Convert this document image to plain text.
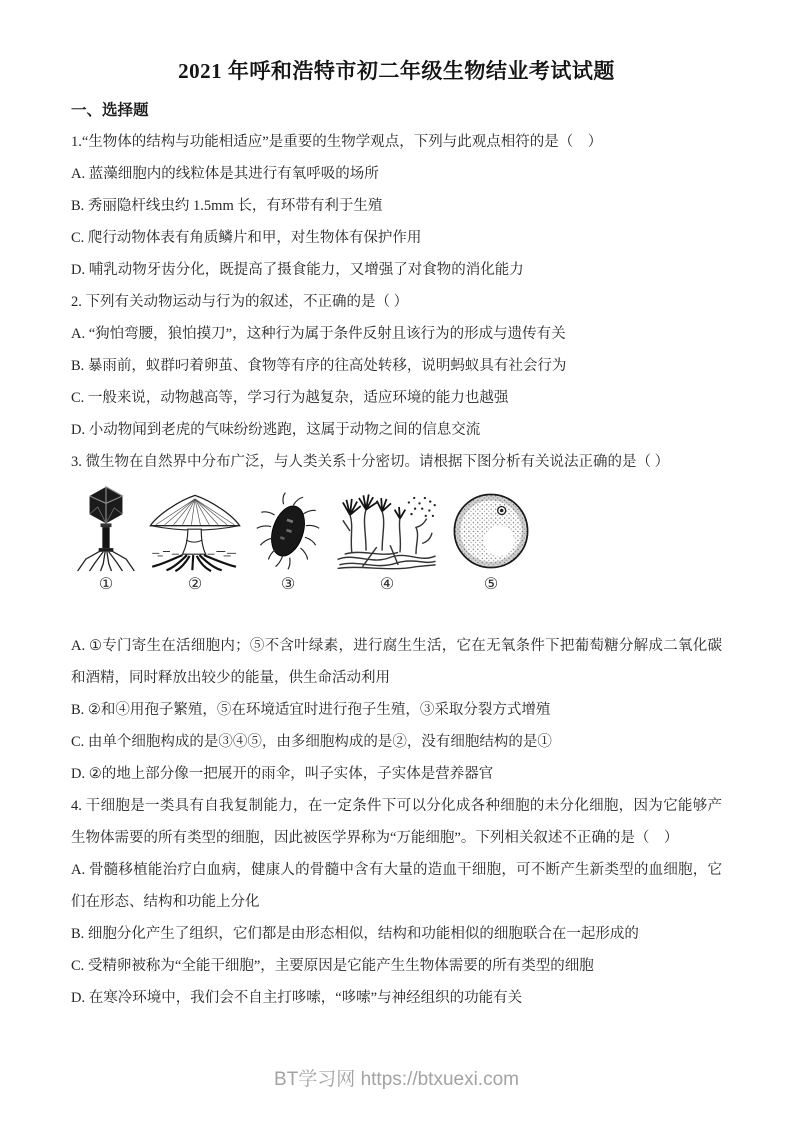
2021 年呼和浩特市初二年级生物结业考试试题
一、选择题

1.“生物体的结构与功能相适应”是重要的生物学观点，下列与此观点相符的是（　）

A. 蓝藻细胞内的线粒体是其进行有氧呼吸的场所

B. 秀丽隐杆线虫约 1.5mm 长，有环带有利于生殖

C. 爬行动物体表有角质鳞片和甲，对生物体有保护作用

D. 哺乳动物牙齿分化，既提高了摄食能力，又增强了对食物的消化能力

2. 下列有关动物运动与行为的叙述，不正确的是（ ）

A. “狗怕弯腰，狼怕摸刀”，这种行为属于条件反射且该行为的形成与遗传有关

B. 暴雨前，蚁群叼着卵茧、食物等有序的往高处转移，说明蚂蚁具有社会行为

C. 一般来说，动物越高等，学习行为越复杂，适应环境的能力也越强

D. 小动物闻到老虎的气味纷纷逃跑，这属于动物之间的信息交流

3. 微生物在自然界中分布广泛，与人类关系十分密切。请根据下图分析有关说法正确的是（ ）

①	②	③	④	⑤

A. ①专门寄生在活细胞内；⑤不含叶绿素，进行腐生生活，它在无氧条件下把葡萄糖分解成二氧化碳和酒精，同时释放出较少的能量，供生命活动利用

B. ②和④用孢子繁殖，⑤在环境适宜时进行孢子生殖，③采取分裂方式增殖

C. 由单个细胞构成的是③④⑤，由多细胞构成的是②，没有细胞结构的是①

D. ②的地上部分像一把展开的雨伞，叫子实体，子实体是营养器官

4. 干细胞是一类具有自我复制能力，在一定条件下可以分化成各种细胞的未分化细胞，因为它能够产生物体需要的所有类型的细胞，因此被医学界称为“万能细胞”。下列相关叙述不正确的是（　）

A. 骨髓移植能治疗白血病，健康人的骨髓中含有大量的造血干细胞，可不断产生新类型的血细胞，它们在形态、结构和功能上分化

B. 细胞分化产生了组织，它们都是由形态相似，结构和功能相似的细胞联合在一起形成的

C. 受精卵被称为“全能干细胞”，主要原因是它能产生生物体需要的所有类型的细胞

D. 在寒冷环境中，我们会不自主打哆嗦，“哆嗦”与神经组织的功能有关

BT学习网 https://btxuexi.com
